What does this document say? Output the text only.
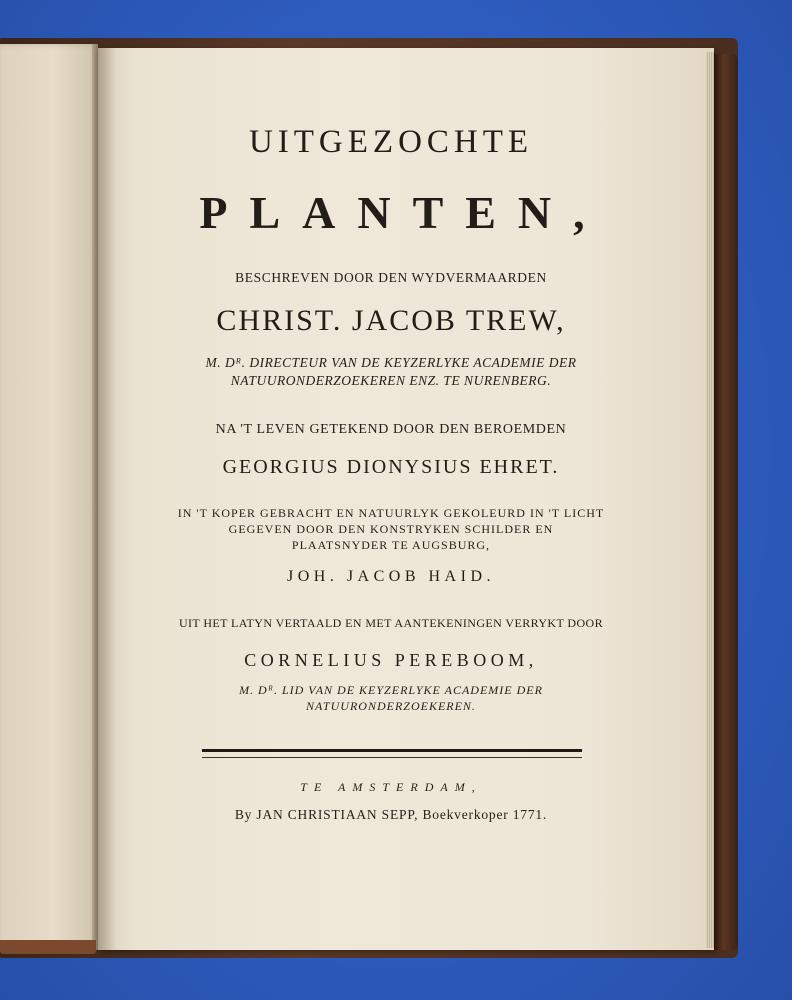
UITGEZOCHTE
PLANTEN,
BESCHREVEN DOOR DEN WYDVERMAARDEN
CHRIST. JACOB TREW,
M. Dᴿ. DIRECTEUR VAN DE KEYZERLYKE ACADEMIE DER
NATUURONDERZOEKEREN ENZ. TE NURENBERG.
NA 'T LEVEN GETEKEND DOOR DEN BEROEMDEN
GEORGIUS DIONYSIUS EHRET.
IN 'T KOPER GEBRACHT EN NATUURLYK GEKOLEURD IN 'T LICHT
GEGEVEN DOOR DEN KONSTRYKEN SCHILDER EN
PLAATSNYDER TE AUGSBURG,
JOH. JACOB HAID.
UIT HET LATYN VERTAALD EN MET AANTEKENINGEN VERRYKT DOOR
CORNELIUS PEREBOOM,
M. Dᴿ. LID VAN DE KEYZERLYKE ACADEMIE DER
NATUURONDERZOEKEREN.
TE AMSTERDAM,
By JAN CHRISTIAAN SEPP, Boekverkoper 1771.
